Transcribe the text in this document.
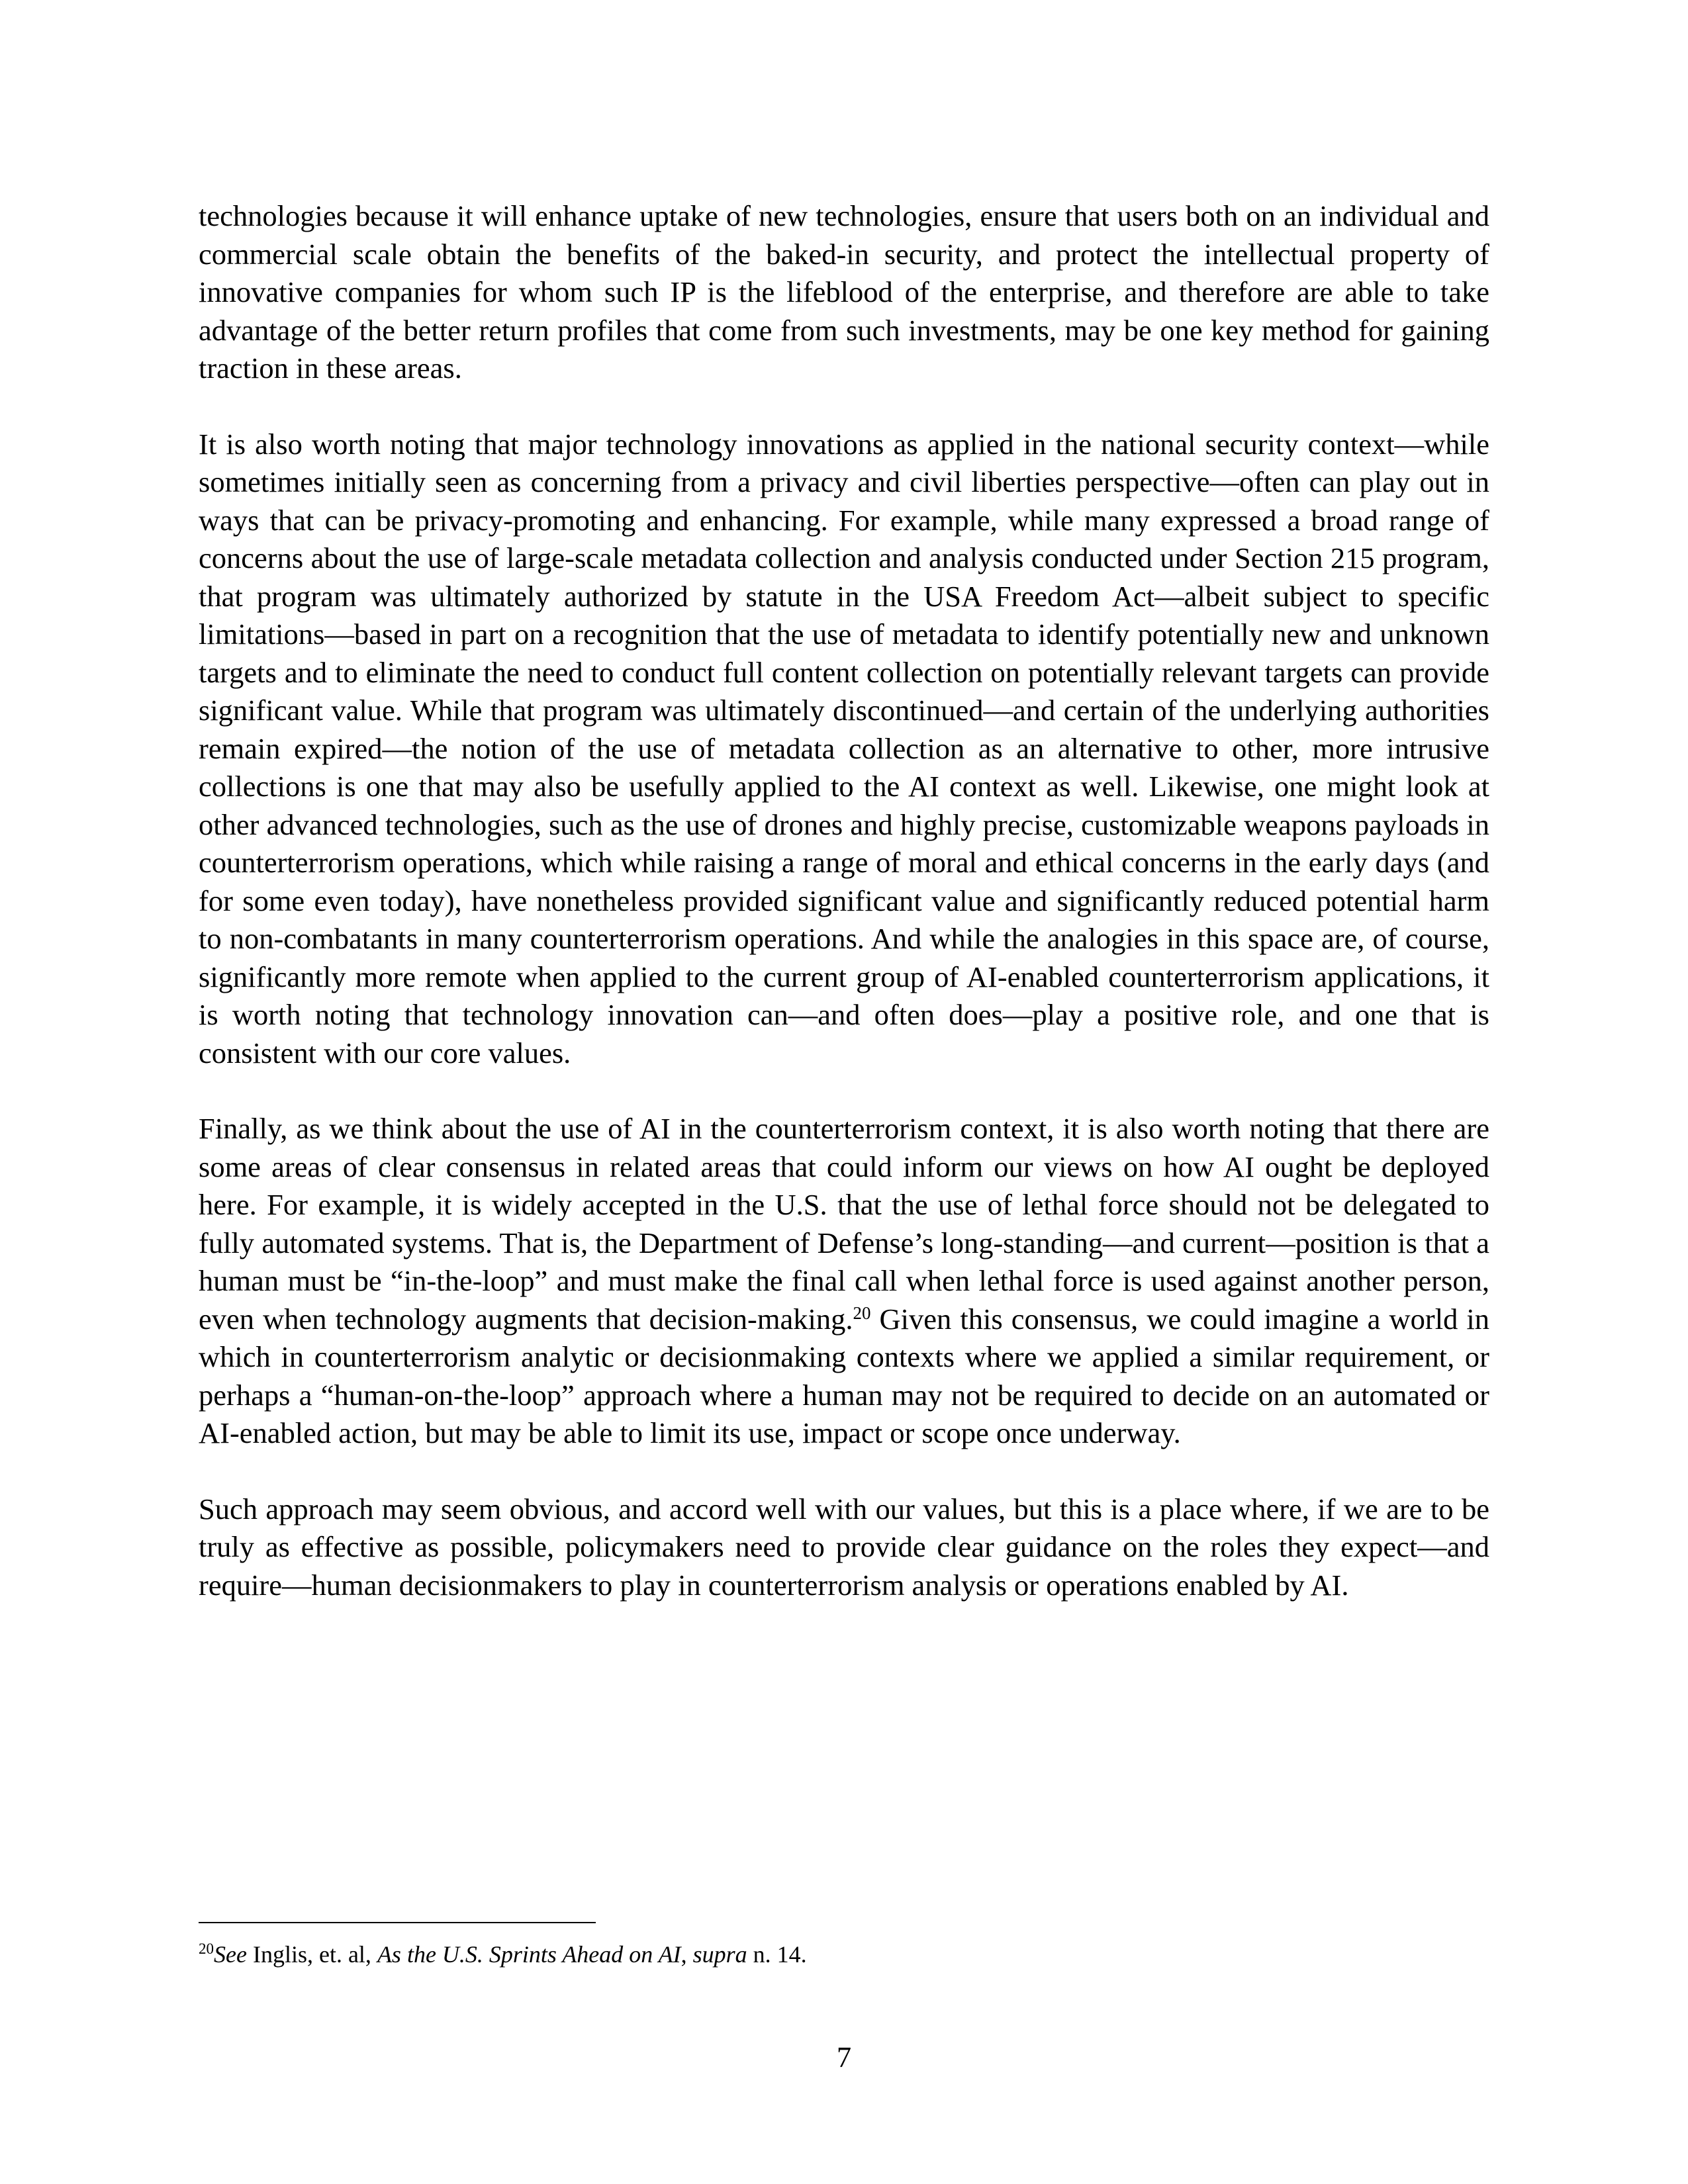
technologies because it will enhance uptake of new technologies, ensure that users both on an individual and commercial scale obtain the benefits of the baked-in security, and protect the intellectual property of innovative companies for whom such IP is the lifeblood of the enterprise, and therefore are able to take advantage of the better return profiles that come from such investments, may be one key method for gaining traction in these areas.

It is also worth noting that major technology innovations as applied in the national security context—while sometimes initially seen as concerning from a privacy and civil liberties perspective—often can play out in ways that can be privacy-promoting and enhancing. For example, while many expressed a broad range of concerns about the use of large-scale metadata collection and analysis conducted under Section 215 program, that program was ultimately authorized by statute in the USA Freedom Act—albeit subject to specific limitations—based in part on a recognition that the use of metadata to identify potentially new and unknown targets and to eliminate the need to conduct full content collection on potentially relevant targets can provide significant value. While that program was ultimately discontinued—and certain of the underlying authorities remain expired—the notion of the use of metadata collection as an alternative to other, more intrusive collections is one that may also be usefully applied to the AI context as well. Likewise, one might look at other advanced technologies, such as the use of drones and highly precise, customizable weapons payloads in counterterrorism operations, which while raising a range of moral and ethical concerns in the early days (and for some even today), have nonetheless provided significant value and significantly reduced potential harm to non-combatants in many counterterrorism operations. And while the analogies in this space are, of course, significantly more remote when applied to the current group of AI-enabled counterterrorism applications, it is worth noting that technology innovation can—and often does—play a positive role, and one that is consistent with our core values.

Finally, as we think about the use of AI in the counterterrorism context, it is also worth noting that there are some areas of clear consensus in related areas that could inform our views on how AI ought be deployed here. For example, it is widely accepted in the U.S. that the use of lethal force should not be delegated to fully automated systems. That is, the Department of Defense’s long-standing—and current—position is that a human must be “in-the-loop” and must make the final call when lethal force is used against another person, even when technology augments that decision-making.$^{20}$ Given this consensus, we could imagine a world in which in counterterrorism analytic or decisionmaking contexts where we applied a similar requirement, or perhaps a “human-on-the-loop” approach where a human may not be required to decide on an automated or AI-enabled action, but may be able to limit its use, impact or scope once underway.

Such approach may seem obvious, and accord well with our values, but this is a place where, if we are to be truly as effective as possible, policymakers need to provide clear guidance on the roles they expect—and require—human decisionmakers to play in counterterrorism analysis or operations enabled by AI.

$^{20}$See Inglis, et. al, As the U.S. Sprints Ahead on AI, supra n. 14.

7
